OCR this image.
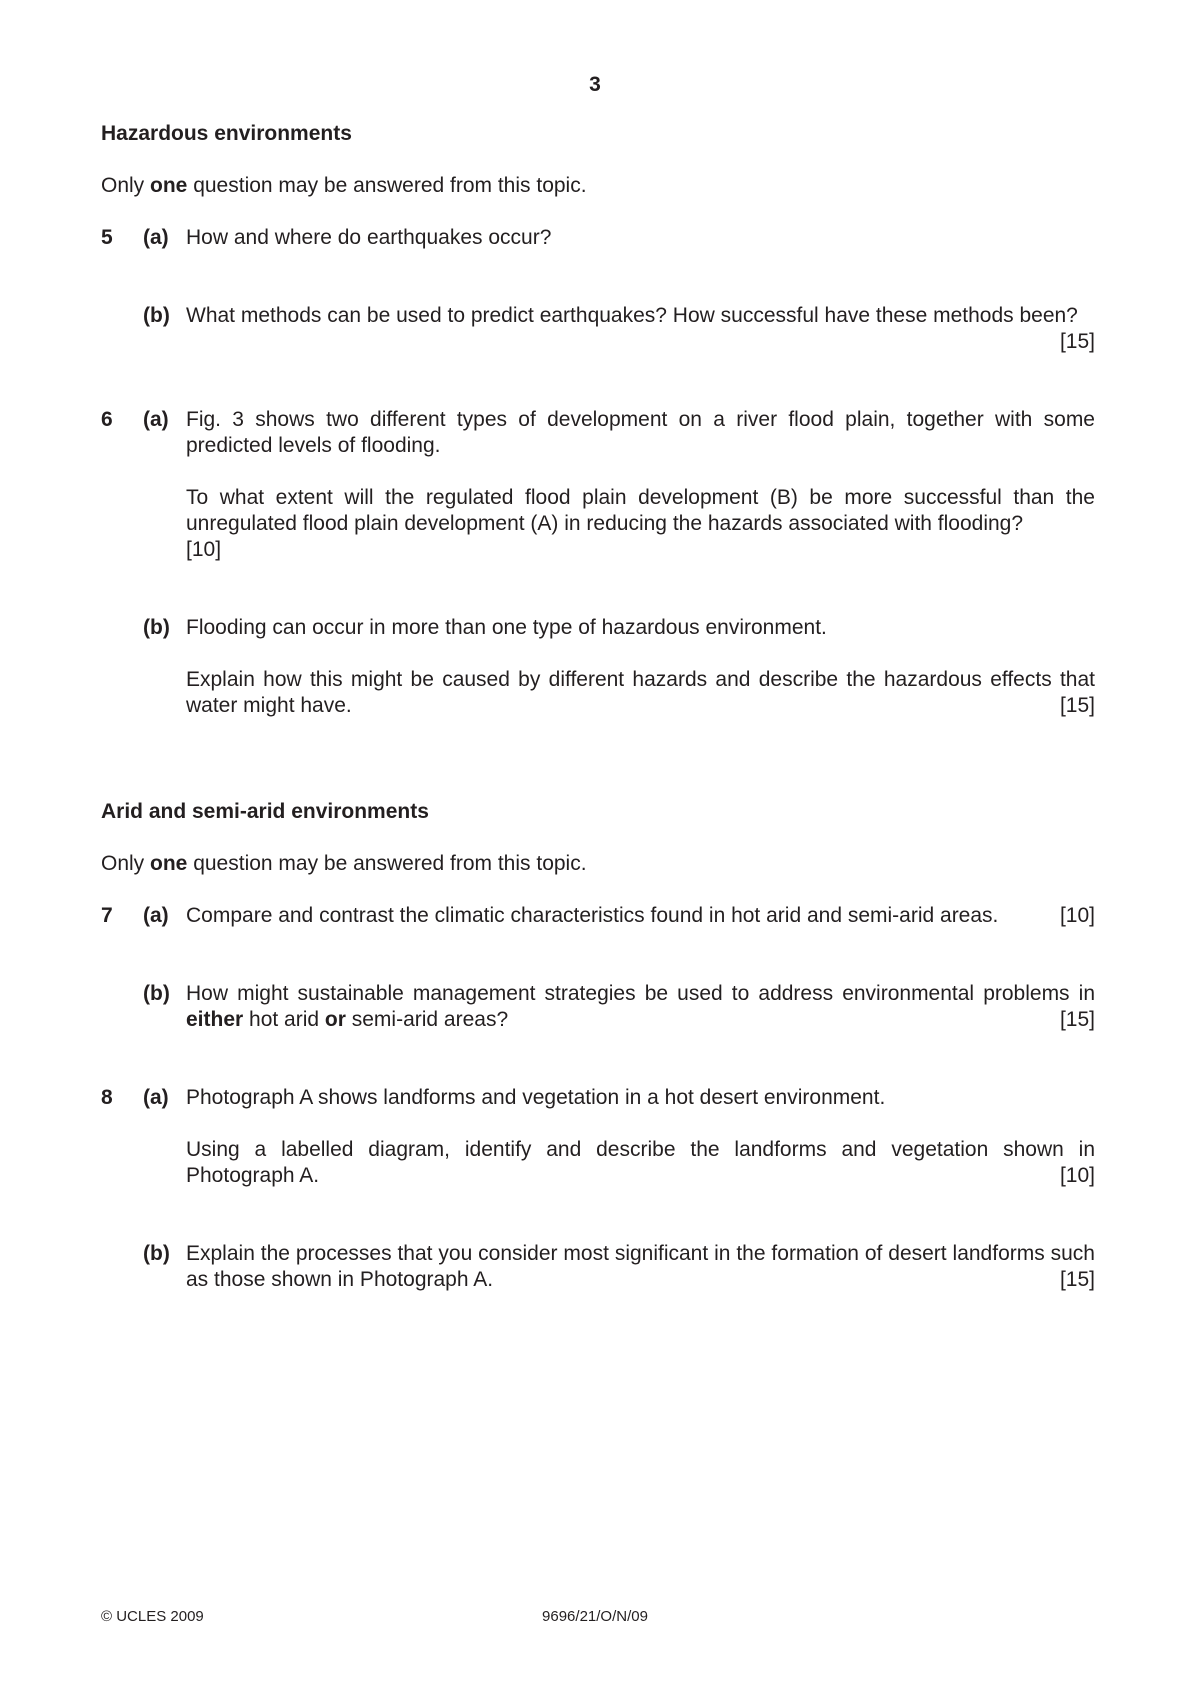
3
Hazardous environments
Only one question may be answered from this topic.
5 (a) How and where do earthquakes occur?
(b) What methods can be used to predict earthquakes? How successful have these methods been?
[15]
6 (a) Fig. 3 shows two different types of development on a river flood plain, together with some predicted levels of flooding.
To what extent will the regulated flood plain development (B) be more successful than the unregulated flood plain development (A) in reducing the hazards associated with flooding?
[10]
(b) Flooding can occur in more than one type of hazardous environment.
Explain how this might be caused by different hazards and describe the hazardous effects that water might have.	[15]
Arid and semi-arid environments
Only one question may be answered from this topic.
7 (a) Compare and contrast the climatic characteristics found in hot arid and semi-arid areas.	[10]
(b) How might sustainable management strategies be used to address environmental problems in either hot arid or semi-arid areas?	[15]
8 (a) Photograph A shows landforms and vegetation in a hot desert environment.
Using a labelled diagram, identify and describe the landforms and vegetation shown in Photograph A.	[10]
(b) Explain the processes that you consider most significant in the formation of desert landforms such as those shown in Photograph A.	[15]
© UCLES 2009	9696/21/O/N/09
